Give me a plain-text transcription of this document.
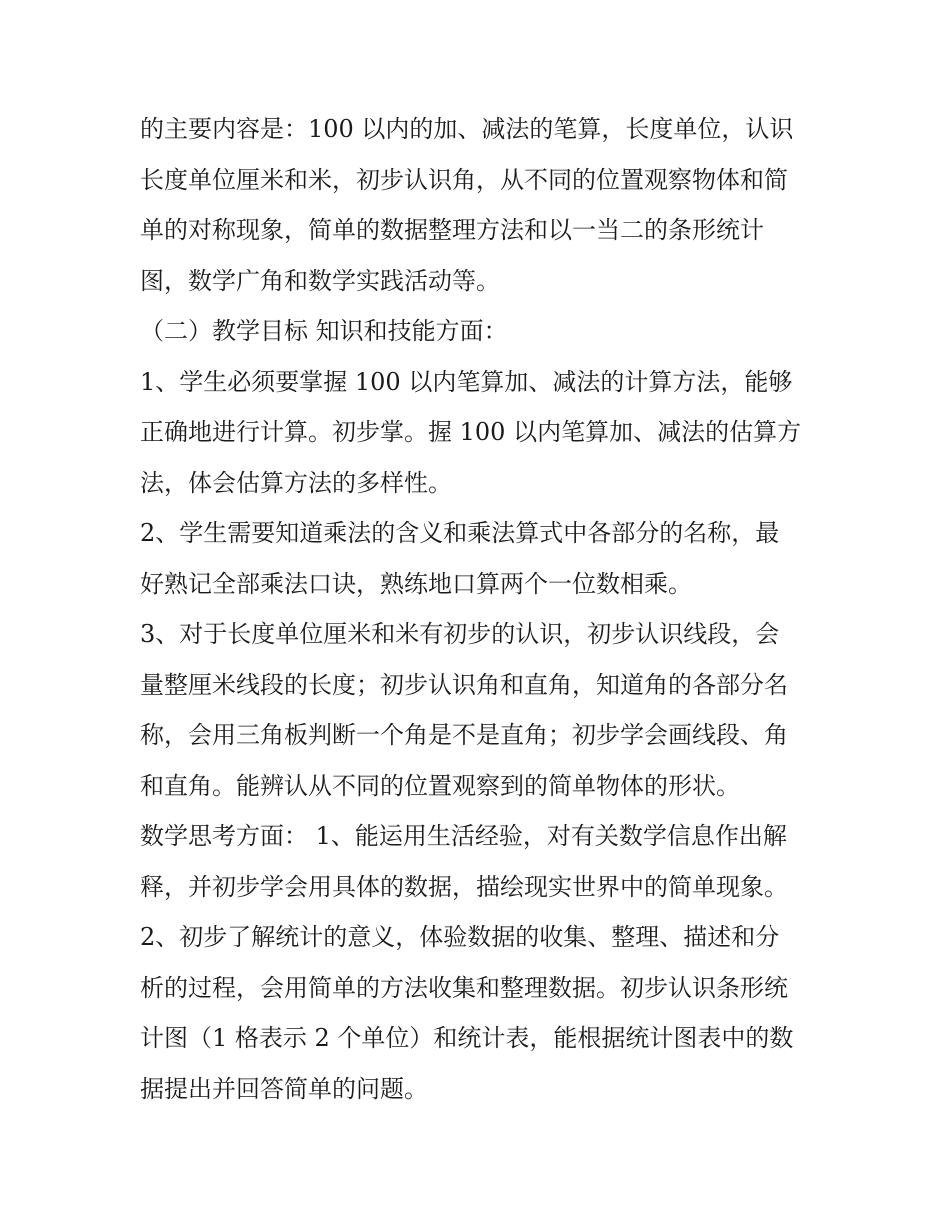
的主要内容是：100 以内的加、减法的笔算，长度单位，认识
长度单位厘米和米，初步认识角，从不同的位置观察物体和简
单的对称现象，简单的数据整理方法和以一当二的条形统计
图，数学广角和数学实践活动等。
（二）教学目标 知识和技能方面：
1、学生必须要掌握 100 以内笔算加、减法的计算方法，能够
正确地进行计算。初步掌。握 100 以内笔算加、减法的估算方
法，体会估算方法的多样性。
2、学生需要知道乘法的含义和乘法算式中各部分的名称，最
好熟记全部乘法口诀，熟练地口算两个一位数相乘。
3、对于长度单位厘米和米有初步的认识，初步认识线段，会
量整厘米线段的长度；初步认识角和直角，知道角的各部分名
称，会用三角板判断一个角是不是直角；初步学会画线段、角
和直角。能辨认从不同的位置观察到的简单物体的形状。
数学思考方面： 1、能运用生活经验，对有关数学信息作出解
释，并初步学会用具体的数据，描绘现实世界中的简单现象。
2、初步了解统计的意义，体验数据的收集、整理、描述和分
析的过程，会用简单的方法收集和整理数据。初步认识条形统
计图（1 格表示 2 个单位）和统计表，能根据统计图表中的数
据提出并回答简单的问题。
